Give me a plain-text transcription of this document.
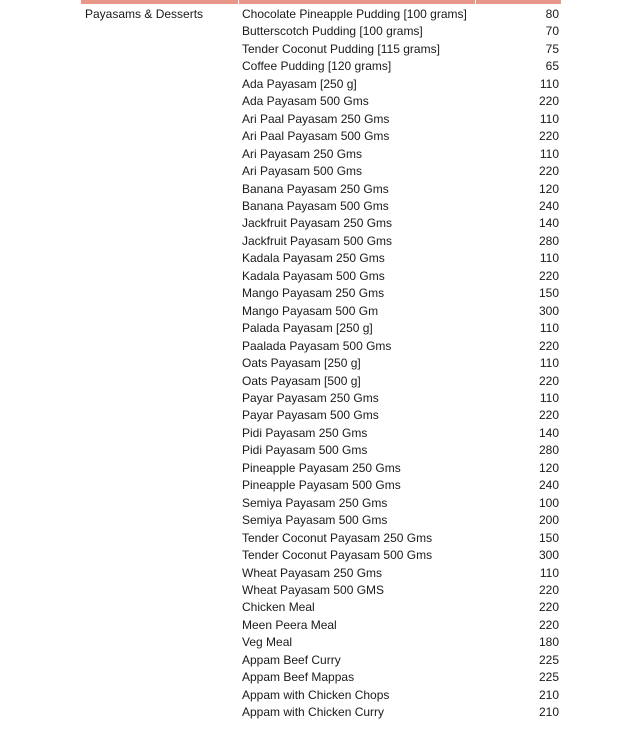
Payasams & Desserts	Chocolate Pineapple Pudding [100 grams]	80
Butterscotch Pudding [100 grams]	70
Tender Coconut Pudding [115 grams]	75
Coffee Pudding [120 grams]	65
Ada Payasam [250 g]	110
Ada Payasam 500 Gms	220
Ari Paal Payasam 250 Gms	110
Ari Paal Payasam 500 Gms	220
Ari Payasam 250 Gms	110
Ari Payasam 500 Gms	220
Banana Payasam 250 Gms	120
Banana Payasam 500 Gms	240
Jackfruit Payasam 250 Gms	140
Jackfruit Payasam 500 Gms	280
Kadala Payasam 250 Gms	110
Kadala Payasam 500 Gms	220
Mango Payasam 250 Gms	150
Mango Payasam 500 Gm	300
Palada Payasam [250 g]	110
Paalada Payasam 500 Gms	220
Oats Payasam [250 g]	110
Oats Payasam [500 g]	220
Payar Payasam 250 Gms	110
Payar Payasam 500 Gms	220
Pidi Payasam 250 Gms	140
Pidi Payasam 500 Gms	280
Pineapple Payasam 250 Gms	120
Pineapple Payasam 500 Gms	240
Semiya Payasam 250 Gms	100
Semiya Payasam 500 Gms	200
Tender Coconut Payasam 250 Gms	150
Tender Coconut Payasam 500 Gms	300
Wheat Payasam 250 Gms	110
Wheat Payasam 500 GMS	220
Chicken Meal	220
Meen Peera Meal	220
Veg Meal	180
Appam Beef Curry	225
Appam Beef Mappas	225
Appam with Chicken Chops	210
Appam with Chicken Curry	210
